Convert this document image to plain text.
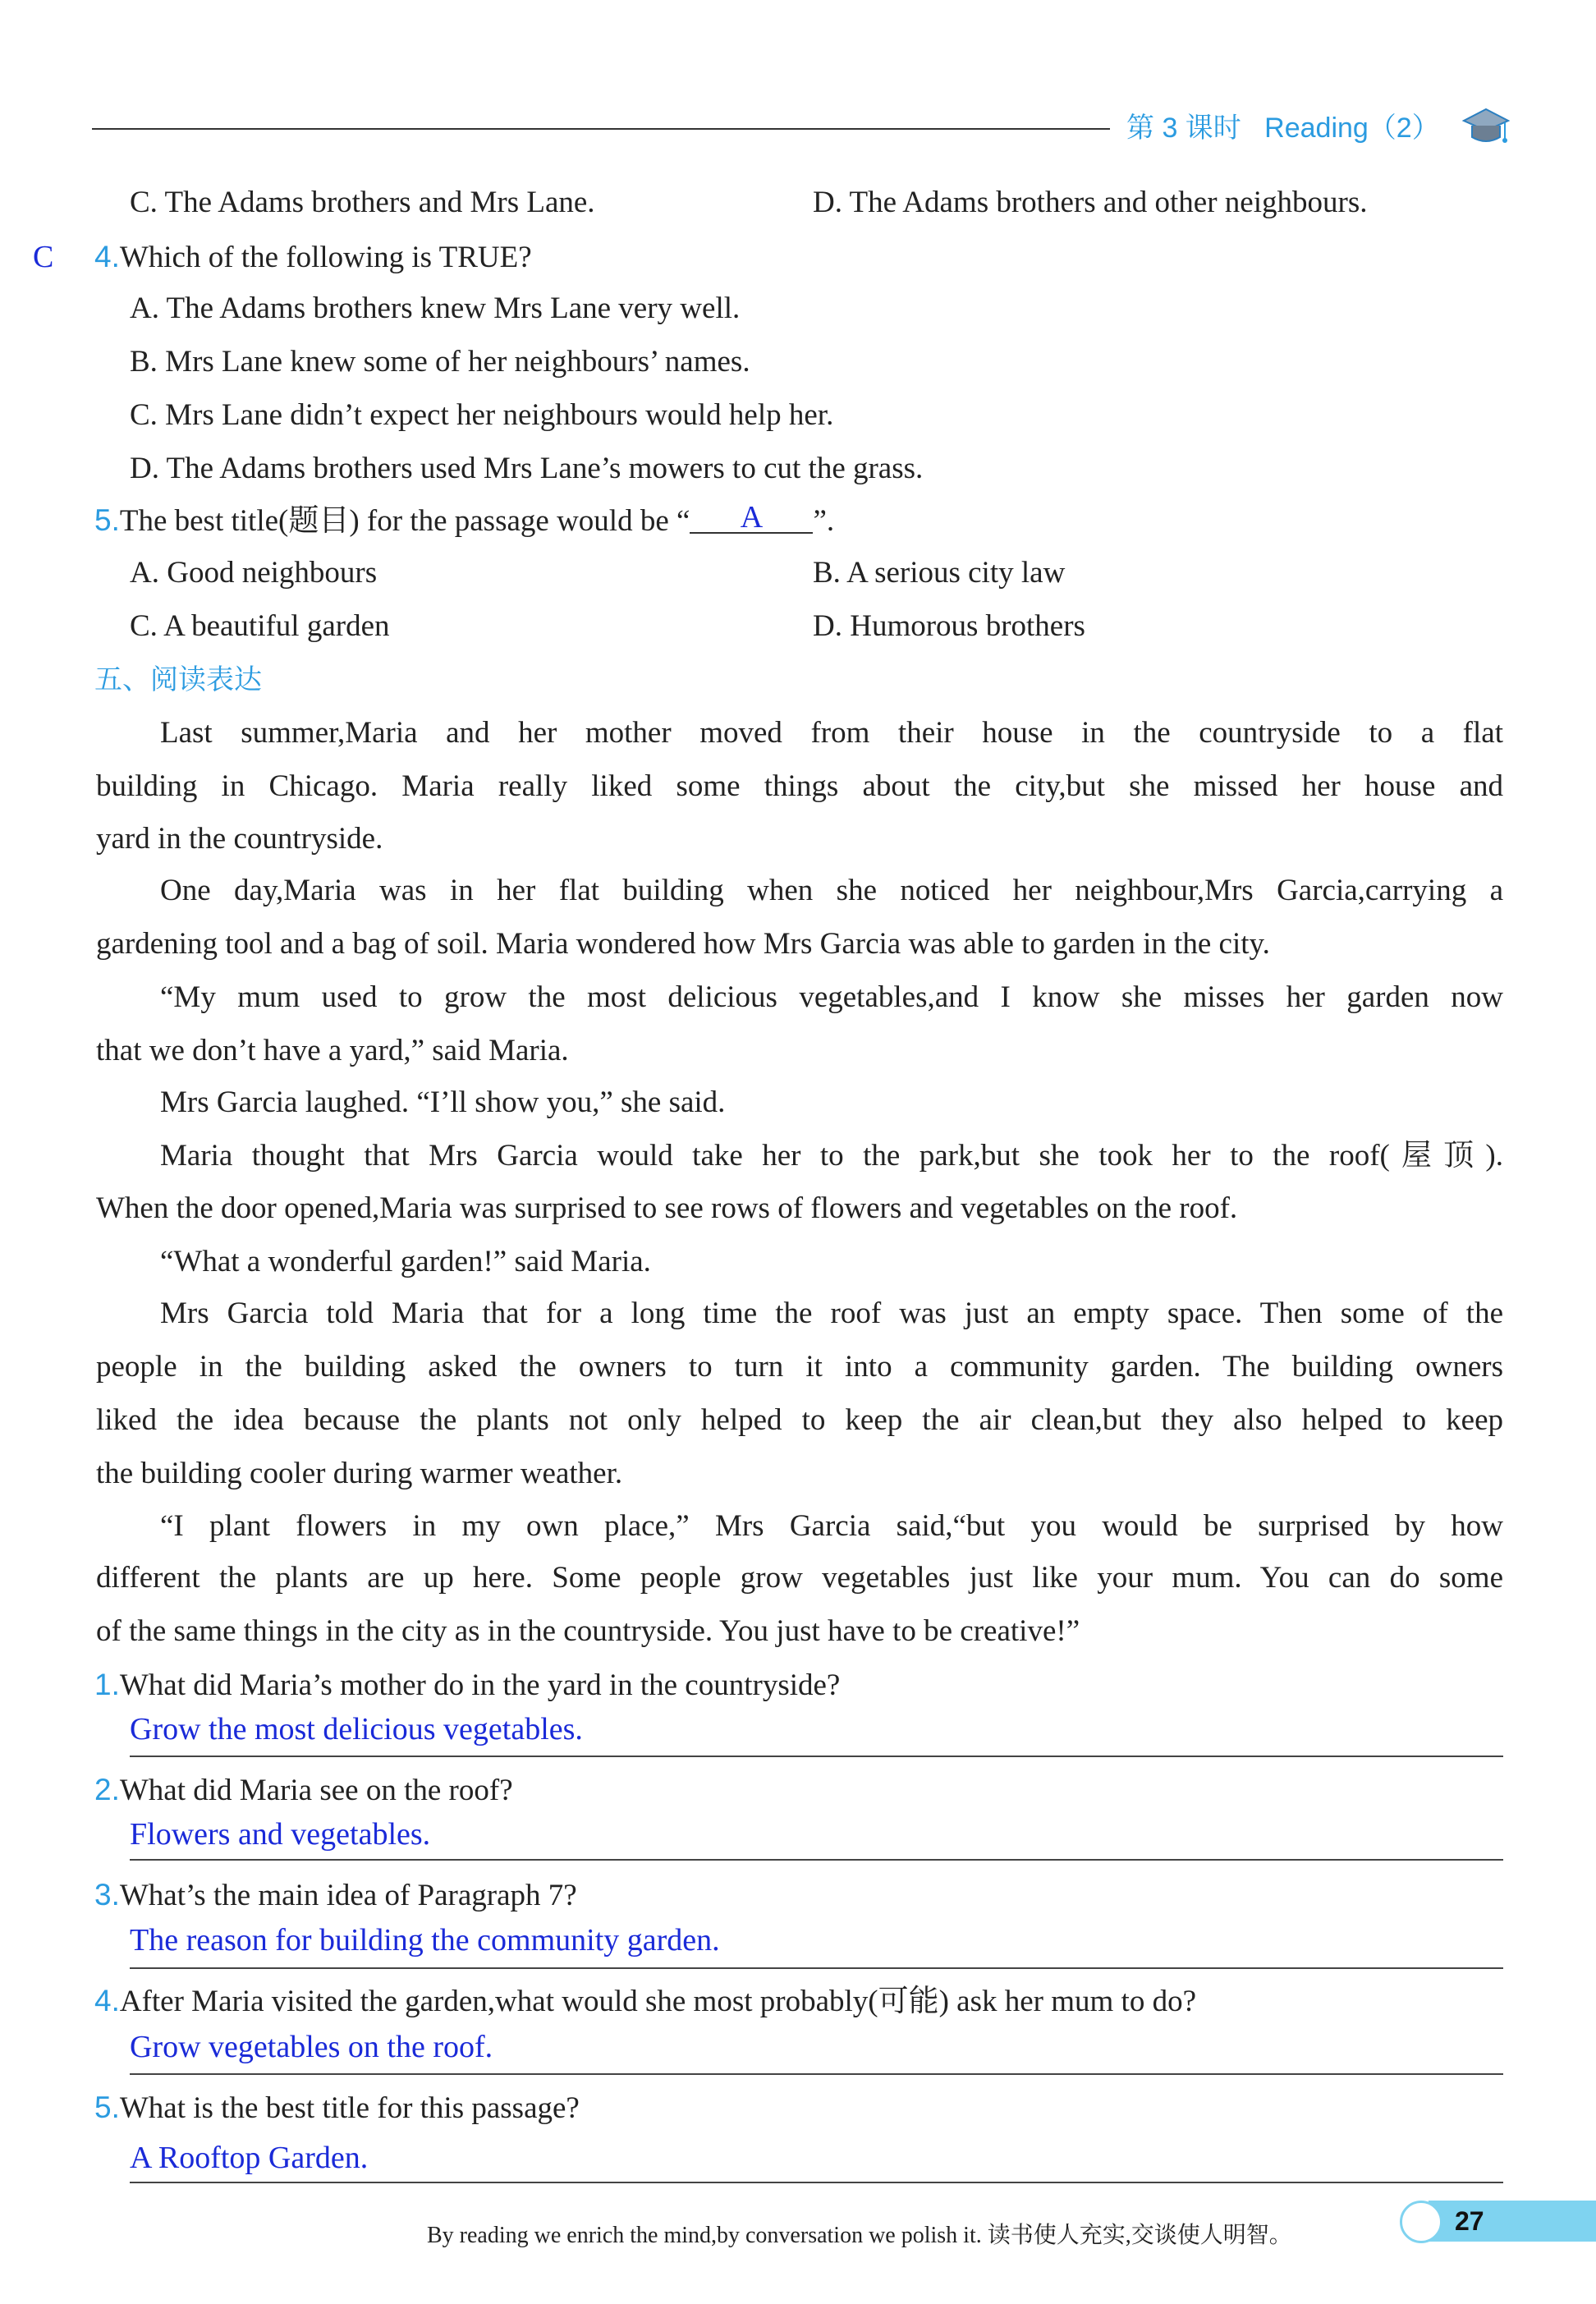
第 3 课时 Reading（2）
C. The Adams brothers and Mrs Lane.	D. The Adams brothers and other neighbours.
C 4.Which of the following is TRUE?
A. The Adams brothers knew Mrs Lane very well.
B. Mrs Lane knew some of her neighbours’ names.
C. Mrs Lane didn’t expect her neighbours would help her.
D. The Adams brothers used Mrs Lane’s mowers to cut the grass.
5.The best title(题目) for the passage would be “ A ”.
A. Good neighbours	B. A serious city law
C. A beautiful garden	D. Humorous brothers
五、阅读表达
Last summer,Maria and her mother moved from their house in the countryside to a flat
building in Chicago. Maria really liked some things about the city,but she missed her house and
yard in the countryside.
One day,Maria was in her flat building when she noticed her neighbour,Mrs Garcia,carrying a
gardening tool and a bag of soil. Maria wondered how Mrs Garcia was able to garden in the city.
“My mum used to grow the most delicious vegetables,and I know she misses her garden now
that we don’t have a yard,” said Maria.
Mrs Garcia laughed. “I’ll show you,” she said.
Maria thought that Mrs Garcia would take her to the park,but she took her to the roof(屋顶).
When the door opened,Maria was surprised to see rows of flowers and vegetables on the roof.
“What a wonderful garden!” said Maria.
Mrs Garcia told Maria that for a long time the roof was just an empty space. Then some of the
people in the building asked the owners to turn it into a community garden. The building owners
liked the idea because the plants not only helped to keep the air clean,but they also helped to keep
the building cooler during warmer weather.
“I plant flowers in my own place,” Mrs Garcia said,“but you would be surprised by how
different the plants are up here. Some people grow vegetables just like your mum. You can do some
of the same things in the city as in the countryside. You just have to be creative!”
1.What did Maria’s mother do in the yard in the countryside?
Grow the most delicious vegetables.
2.What did Maria see on the roof?
Flowers and vegetables.
3.What’s the main idea of Paragraph 7?
The reason for building the community garden.
4.After Maria visited the garden,what would she most probably(可能) ask her mum to do?
Grow vegetables on the roof.
5.What is the best title for this passage?
A Rooftop Garden.
By reading we enrich the mind,by conversation we polish it. 读书使人充实,交谈使人明智。	27
